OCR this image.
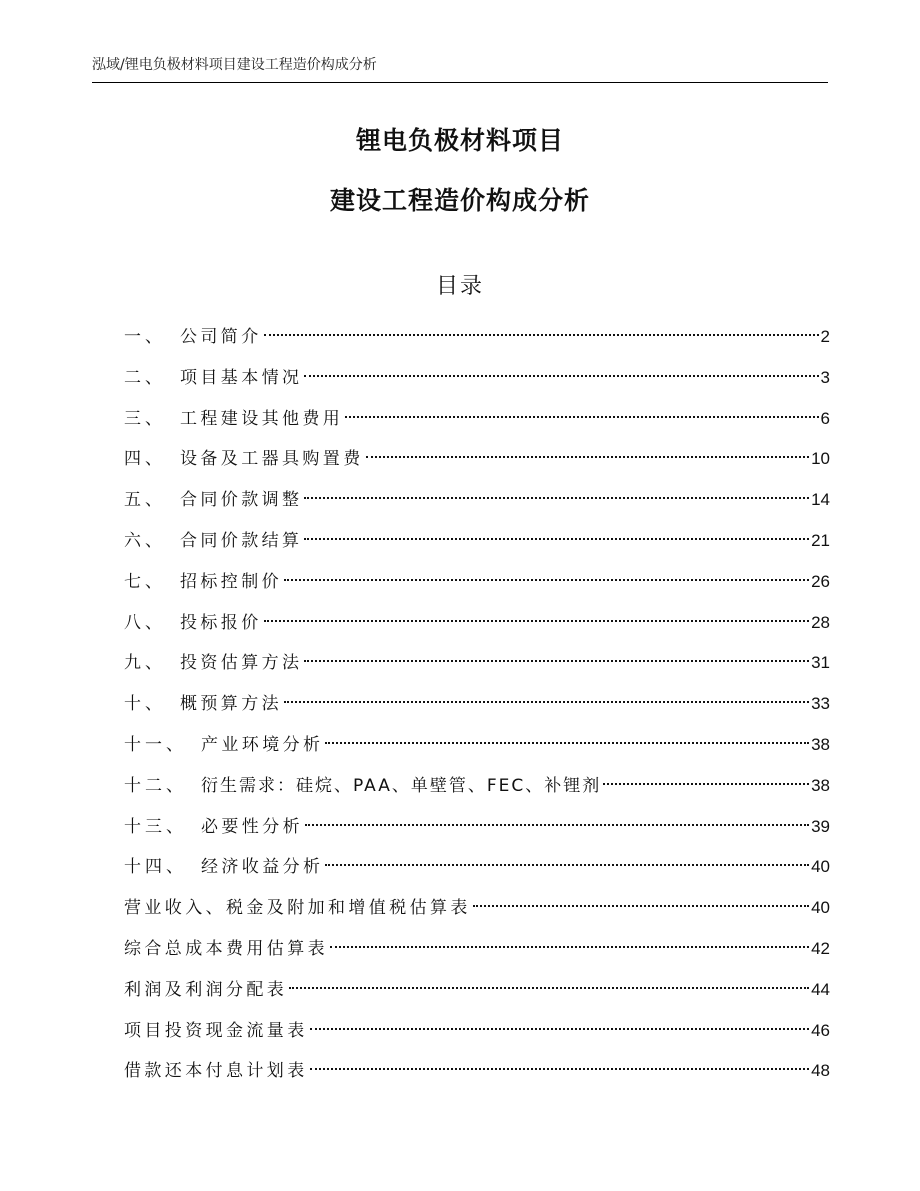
泓域/锂电负极材料项目建设工程造价构成分析
锂电负极材料项目
建设工程造价构成分析
目录
一、 公司简介	2
二、 项目基本情况	3
三、 工程建设其他费用	6
四、 设备及工器具购置费	10
五、 合同价款调整	14
六、 合同价款结算	21
七、 招标控制价	26
八、 投标报价	28
九、 投资估算方法	31
十、 概预算方法	33
十一、 产业环境分析	38
十二、 衍生需求：硅烷、PAA、单壁管、FEC、补锂剂	38
十三、 必要性分析	39
十四、 经济收益分析	40
营业收入、税金及附加和增值税估算表	40
综合总成本费用估算表	42
利润及利润分配表	44
项目投资现金流量表	46
借款还本付息计划表	48
